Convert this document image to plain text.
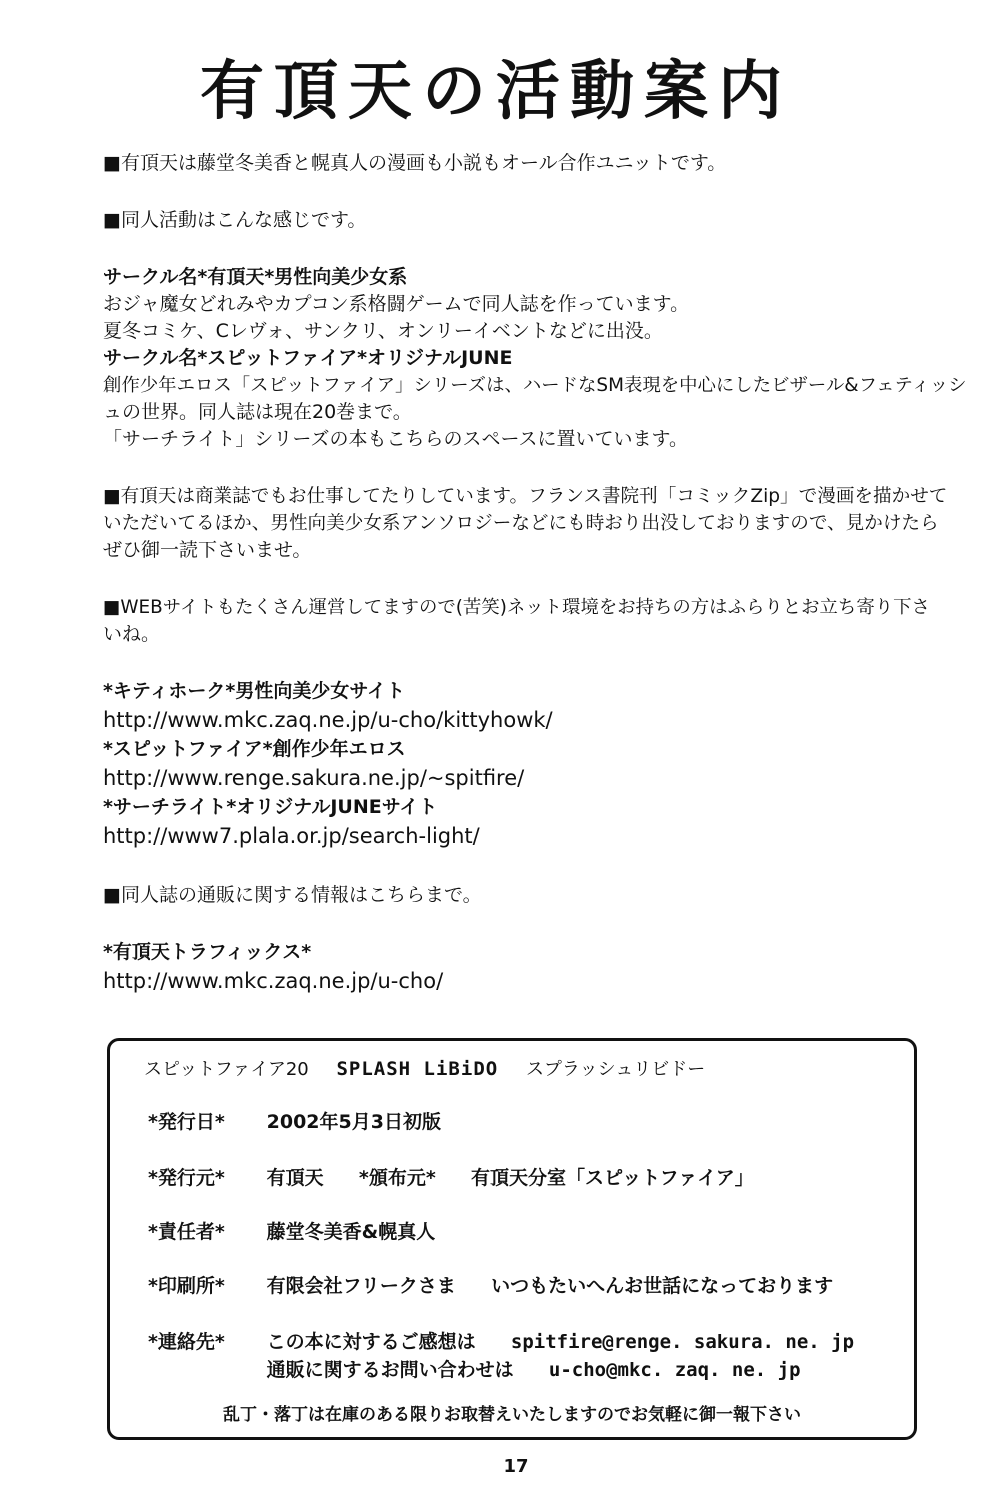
有頂天の活動案内

■有頂天は藤堂冬美香と幌真人の漫画も小説もオール合作ユニットです。

■同人活動はこんな感じです。

サークル名*有頂天*男性向美少女系

おジャ魔女どれみやカプコン系格闘ゲームで同人誌を作っています。

夏冬コミケ、Cレヴォ、サンクリ、オンリーイベントなどに出没。

サークル名*スピットファイア*オリジナルJUNE

創作少年エロス「スピットファイア」シリーズは、ハードなSM表現を中心にしたビザール&フェティッシ

ュの世界。同人誌は現在20巻まで。

「サーチライト」シリーズの本もこちらのスペースに置いています。

■有頂天は商業誌でもお仕事してたりしています。フランス書院刊「コミックZip」で漫画を描かせて

いただいてるほか、男性向美少女系アンソロジーなどにも時おり出没しておりますので、見かけたら

ぜひ御一読下さいませ。

■WEBサイトもたくさん運営してますので(苦笑)ネット環境をお持ちの方はふらりとお立ち寄り下さ

いね。

*キティホーク*男性向美少女サイト

http://www.mkc.zaq.ne.jp/u-cho/kittyhowk/

*スピットファイア*創作少年エロス

http://www.renge.sakura.ne.jp/~spitfire/

*サーチライト*オリジナルJUNEサイト

http://www7.plala.or.jp/search-light/

■同人誌の通販に関する情報はこちらまで。

*有頂天トラフィックス*

http://www.mkc.zaq.ne.jp/u-cho/

スピットファイア20 SPLASH LiBiDO スプラッシュリビドー
*発行日* 2002年5月3日初版
*発行元* 有頂天 *頒布元* 有頂天分室「スピットファイア」
*責任者* 藤堂冬美香&幌真人
*印刷所* 有限会社フリークさま いつもたいへんお世話になっております
*連絡先* この本に対するご感想は spitfire@renge. sakura. ne. jp
通販に関するお問い合わせは u-cho@mkc. zaq. ne. jp
乱丁・落丁は在庫のある限りお取替えいたしますのでお気軽に御一報下さい
17
